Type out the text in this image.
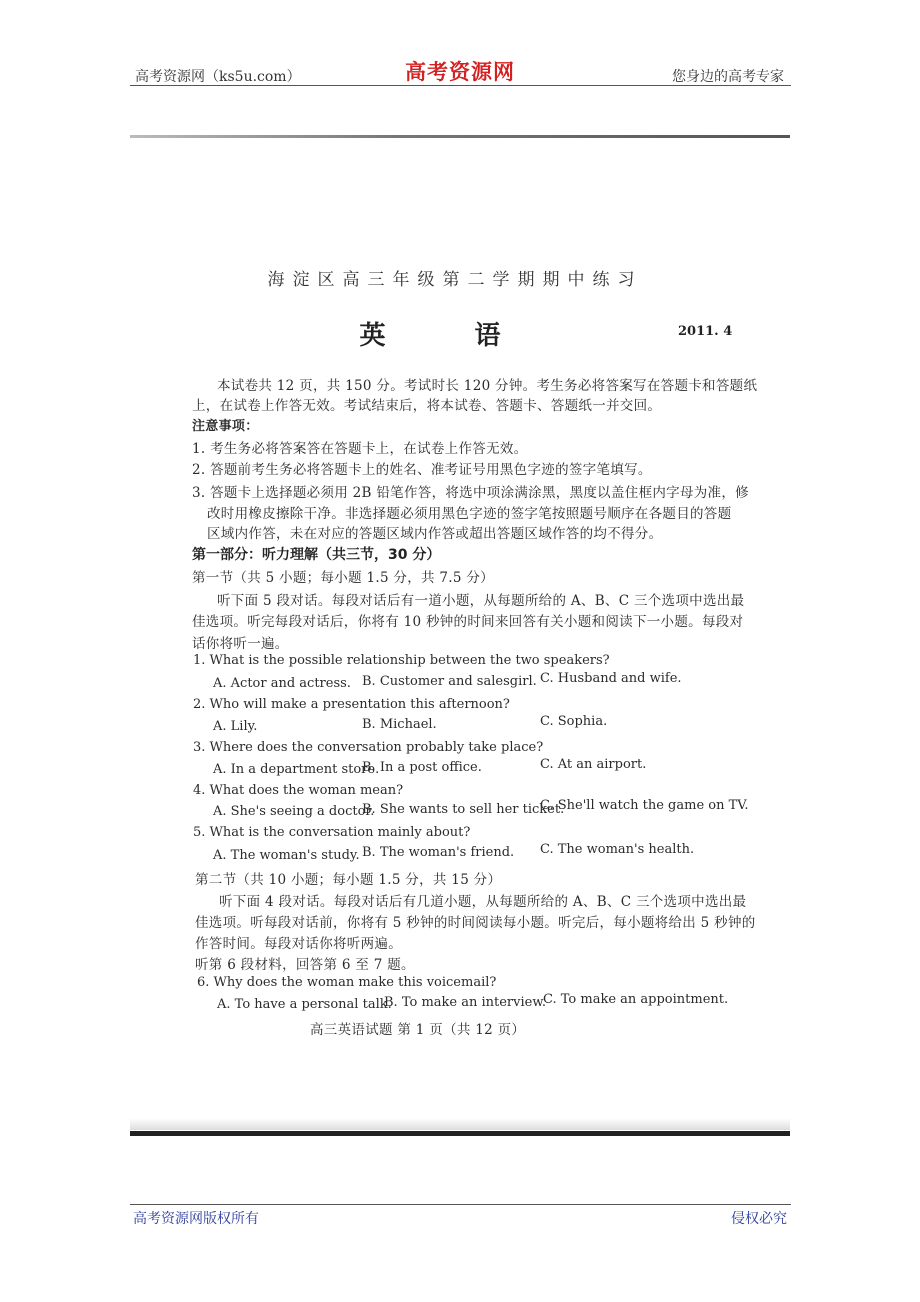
高考资源网（ks5u.com）	高考资源网	您身边的高考专家
海淀区高三年级第二学期期中练习
英 语	2011. 4
本试卷共 12 页，共 150 分。考试时长 120 分钟。考生务必将答案写在答题卡和答题纸
上，在试卷上作答无效。考试结束后，将本试卷、答题卡、答题纸一并交回。
注意事项：
1. 考生务必将答案答在答题卡上，在试卷上作答无效。
2. 答题前考生务必将答题卡上的姓名、准考证号用黑色字迹的签字笔填写。
3. 答题卡上选择题必须用 2B 铅笔作答，将选中项涂满涂黑，黑度以盖住框内字母为准，修
改时用橡皮擦除干净。非选择题必须用黑色字迹的签字笔按照题号顺序在各题目的答题
区域内作答，未在对应的答题区域内作答或超出答题区域作答的均不得分。
第一部分：听力理解（共三节，30 分）
第一节（共 5 小题；每小题 1.5 分，共 7.5 分）
听下面 5 段对话。每段对话后有一道小题，从每题所给的 A、B、C 三个选项中选出最
佳选项。听完每段对话后，你将有 10 秒钟的时间来回答有关小题和阅读下一小题。每段对
话你将听一遍。
1. What is the possible relationship between the two speakers?
A. Actor and actress. B. Customer and salesgirl. C. Husband and wife.
2. Who will make a presentation this afternoon?
A. Lily.	B. Michael.	C. Sophia.
3. Where does the conversation probably take place?
A. In a department store.
B. In a post office.	C. At an airport.
4. What does the woman mean?
A. She's seeing a doctor.
B. She wants to sell her ticket.
C. She'll watch the game on TV.
5. What is the conversation mainly about?
A. The woman's study. B. The woman's friend. C. The woman's health.
第二节（共 10 小题；每小题 1.5 分，共 15 分）
听下面 4 段对话。每段对话后有几道小题，从每题所给的 A、B、C 三个选项中选出最
佳选项。听每段对话前，你将有 5 秒钟的时间阅读每小题。听完后，每小题将给出 5 秒钟的
作答时间。每段对话你将听两遍。
听第 6 段材料，回答第 6 至 7 题。
6. Why does the woman make this voicemail?
A. To have a personal talk.
B. To make an interview.
C. To make an appointment.
高三英语试题 第 1 页（共 12 页）
高考资源网版权所有	侵权必究
